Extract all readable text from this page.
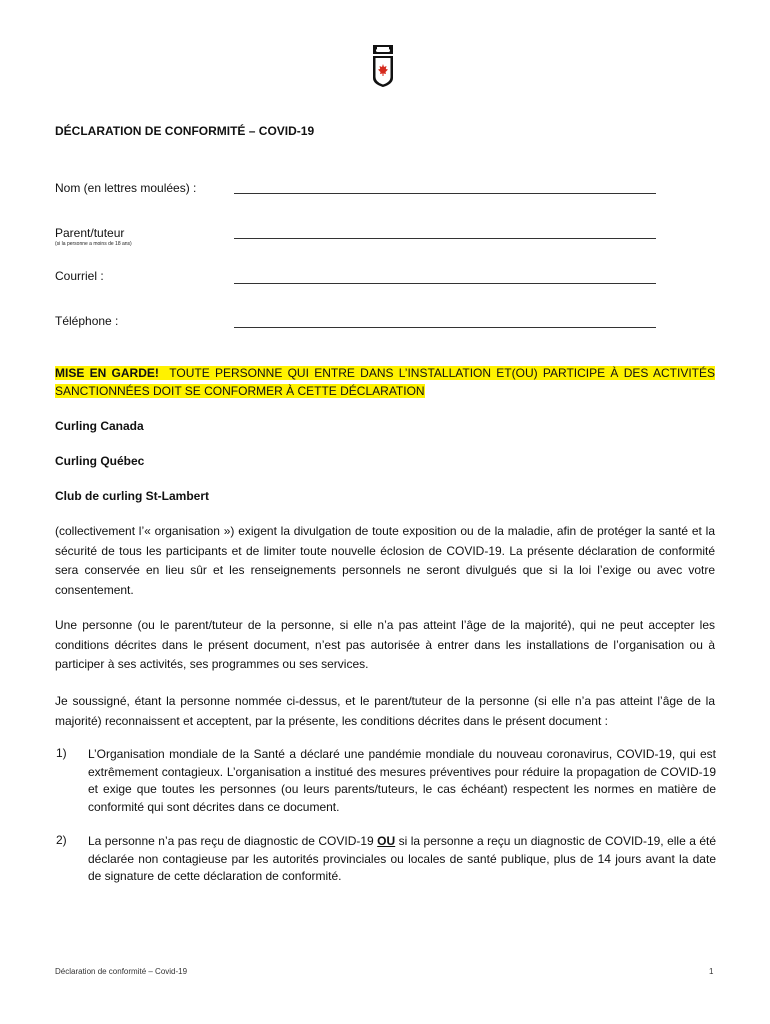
DÉCLARATION DE CONFORMITÉ – COVID-19
Nom (en lettres moulées) :
Parent/tuteur
(si la personne a moins de 18 ans)
Courriel :
Téléphone :
MISE EN GARDE! TOUTE PERSONNE QUI ENTRE DANS L’INSTALLATION ET(OU) PARTICIPE À DES ACTIVITÉS SANCTIONNÉES DOIT SE CONFORMER À CETTE DÉCLARATION
Curling Canada
Curling Québec
Club de curling St-Lambert

(collectivement l’« organisation ») exigent la divulgation de toute exposition ou de la maladie, afin de protéger la santé et la sécurité de tous les participants et de limiter toute nouvelle éclosion de COVID-19. La présente déclaration de conformité sera conservée en lieu sûr et les renseignements personnels ne seront divulgués que si la loi l’exige ou avec votre consentement.

Une personne (ou le parent/tuteur de la personne, si elle n’a pas atteint l’âge de la majorité), qui ne peut accepter les conditions décrites dans le présent document, n’est pas autorisée à entrer dans les installations de l’organisation ou à participer à ses activités, ses programmes ou ses services.

Je soussigné, étant la personne nommée ci-dessus, et le parent/tuteur de la personne (si elle n’a pas atteint l’âge de la majorité) reconnaissent et acceptent, par la présente, les conditions décrites dans le présent document :

1) L’Organisation mondiale de la Santé a déclaré une pandémie mondiale du nouveau coronavirus, COVID-19, qui est extrêmement contagieux. L’organisation a institué des mesures préventives pour réduire la propagation de COVID-19 et exige que toutes les personnes (ou leurs parents/tuteurs, le cas échéant) respectent les normes en matière de conformité qui sont décrites dans ce document.

2) La personne n’a pas reçu de diagnostic de COVID-19 OU si la personne a reçu un diagnostic de COVID-19, elle a été déclarée non contagieuse par les autorités provinciales ou locales de santé publique, plus de 14 jours avant la date de signature de cette déclaration de conformité.

Déclaration de conformité – Covid-19	1
